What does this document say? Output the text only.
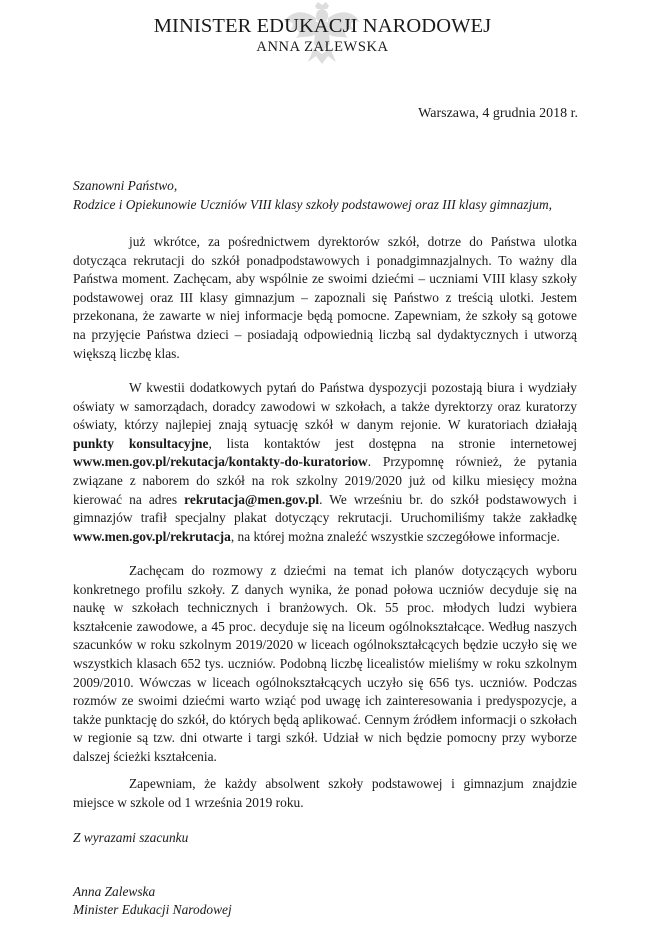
MINISTER EDUKACJI NARODOWEJ
ANNA ZALEWSKA
Warszawa, 4 grudnia 2018 r.
Szanowni Państwo,
Rodzice i Opiekunowie Uczniów VIII klasy szkoły podstawowej oraz III klasy gimnazjum,

już wkrótce, za pośrednictwem dyrektorów szkół, dotrze do Państwa ulotka dotycząca rekrutacji do szkół ponadpodstawowych i ponadgimnazjalnych. To ważny dla Państwa moment. Zachęcam, aby wspólnie ze swoimi dziećmi – uczniami VIII klasy szkoły podstawowej oraz III klasy gimnazjum – zapoznali się Państwo z treścią ulotki. Jestem przekonana, że zawarte w niej informacje będą pomocne. Zapewniam, że szkoły są gotowe na przyjęcie Państwa dzieci – posiadają odpowiednią liczbą sal dydaktycznych i utworzą większą liczbę klas.

W kwestii dodatkowych pytań do Państwa dyspozycji pozostają biura i wydziały oświaty w samorządach, doradcy zawodowi w szkołach, a także dyrektorzy oraz kuratorzy oświaty, którzy najlepiej znają sytuację szkół w danym rejonie. W kuratoriach działają punkty konsultacyjne, lista kontaktów jest dostępna na stronie internetowej www.men.gov.pl/rekutacja/kontakty-do-kuratoriow. Przypomnę również, że pytania związane z naborem do szkół na rok szkolny 2019/2020 już od kilku miesięcy można kierować na adres rekrutacja@men.gov.pl. We wrześniu br. do szkół podstawowych i gimnazjów trafił specjalny plakat dotyczący rekrutacji. Uruchomiliśmy także zakładkę www.men.gov.pl/rekrutacja, na której można znaleźć wszystkie szczegółowe informacje.

Zachęcam do rozmowy z dziećmi na temat ich planów dotyczących wyboru konkretnego profilu szkoły. Z danych wynika, że ponad połowa uczniów decyduje się na naukę w szkołach technicznych i branżowych. Ok. 55 proc. młodych ludzi wybiera kształcenie zawodowe, a 45 proc. decyduje się na liceum ogólnokształcące. Według naszych szacunków w roku szkolnym 2019/2020 w liceach ogólnokształcących będzie uczyło się we wszystkich klasach 652 tys. uczniów. Podobną liczbę licealistów mieliśmy w roku szkolnym 2009/2010. Wówczas w liceach ogólnokształcących uczyło się 656 tys. uczniów. Podczas rozmów ze swoimi dziećmi warto wziąć pod uwagę ich zainteresowania i predyspozycje, a także punktację do szkół, do których będą aplikować. Cennym źródłem informacji o szkołach w regionie są tzw. dni otwarte i targi szkół. Udział w nich będzie pomocny przy wyborze dalszej ścieżki kształcenia.

Zapewniam, że każdy absolwent szkoły podstawowej i gimnazjum znajdzie miejsce w szkole od 1 września 2019 roku.

Z wyrazami szacunku
Anna Zalewska
Minister Edukacji Narodowej
